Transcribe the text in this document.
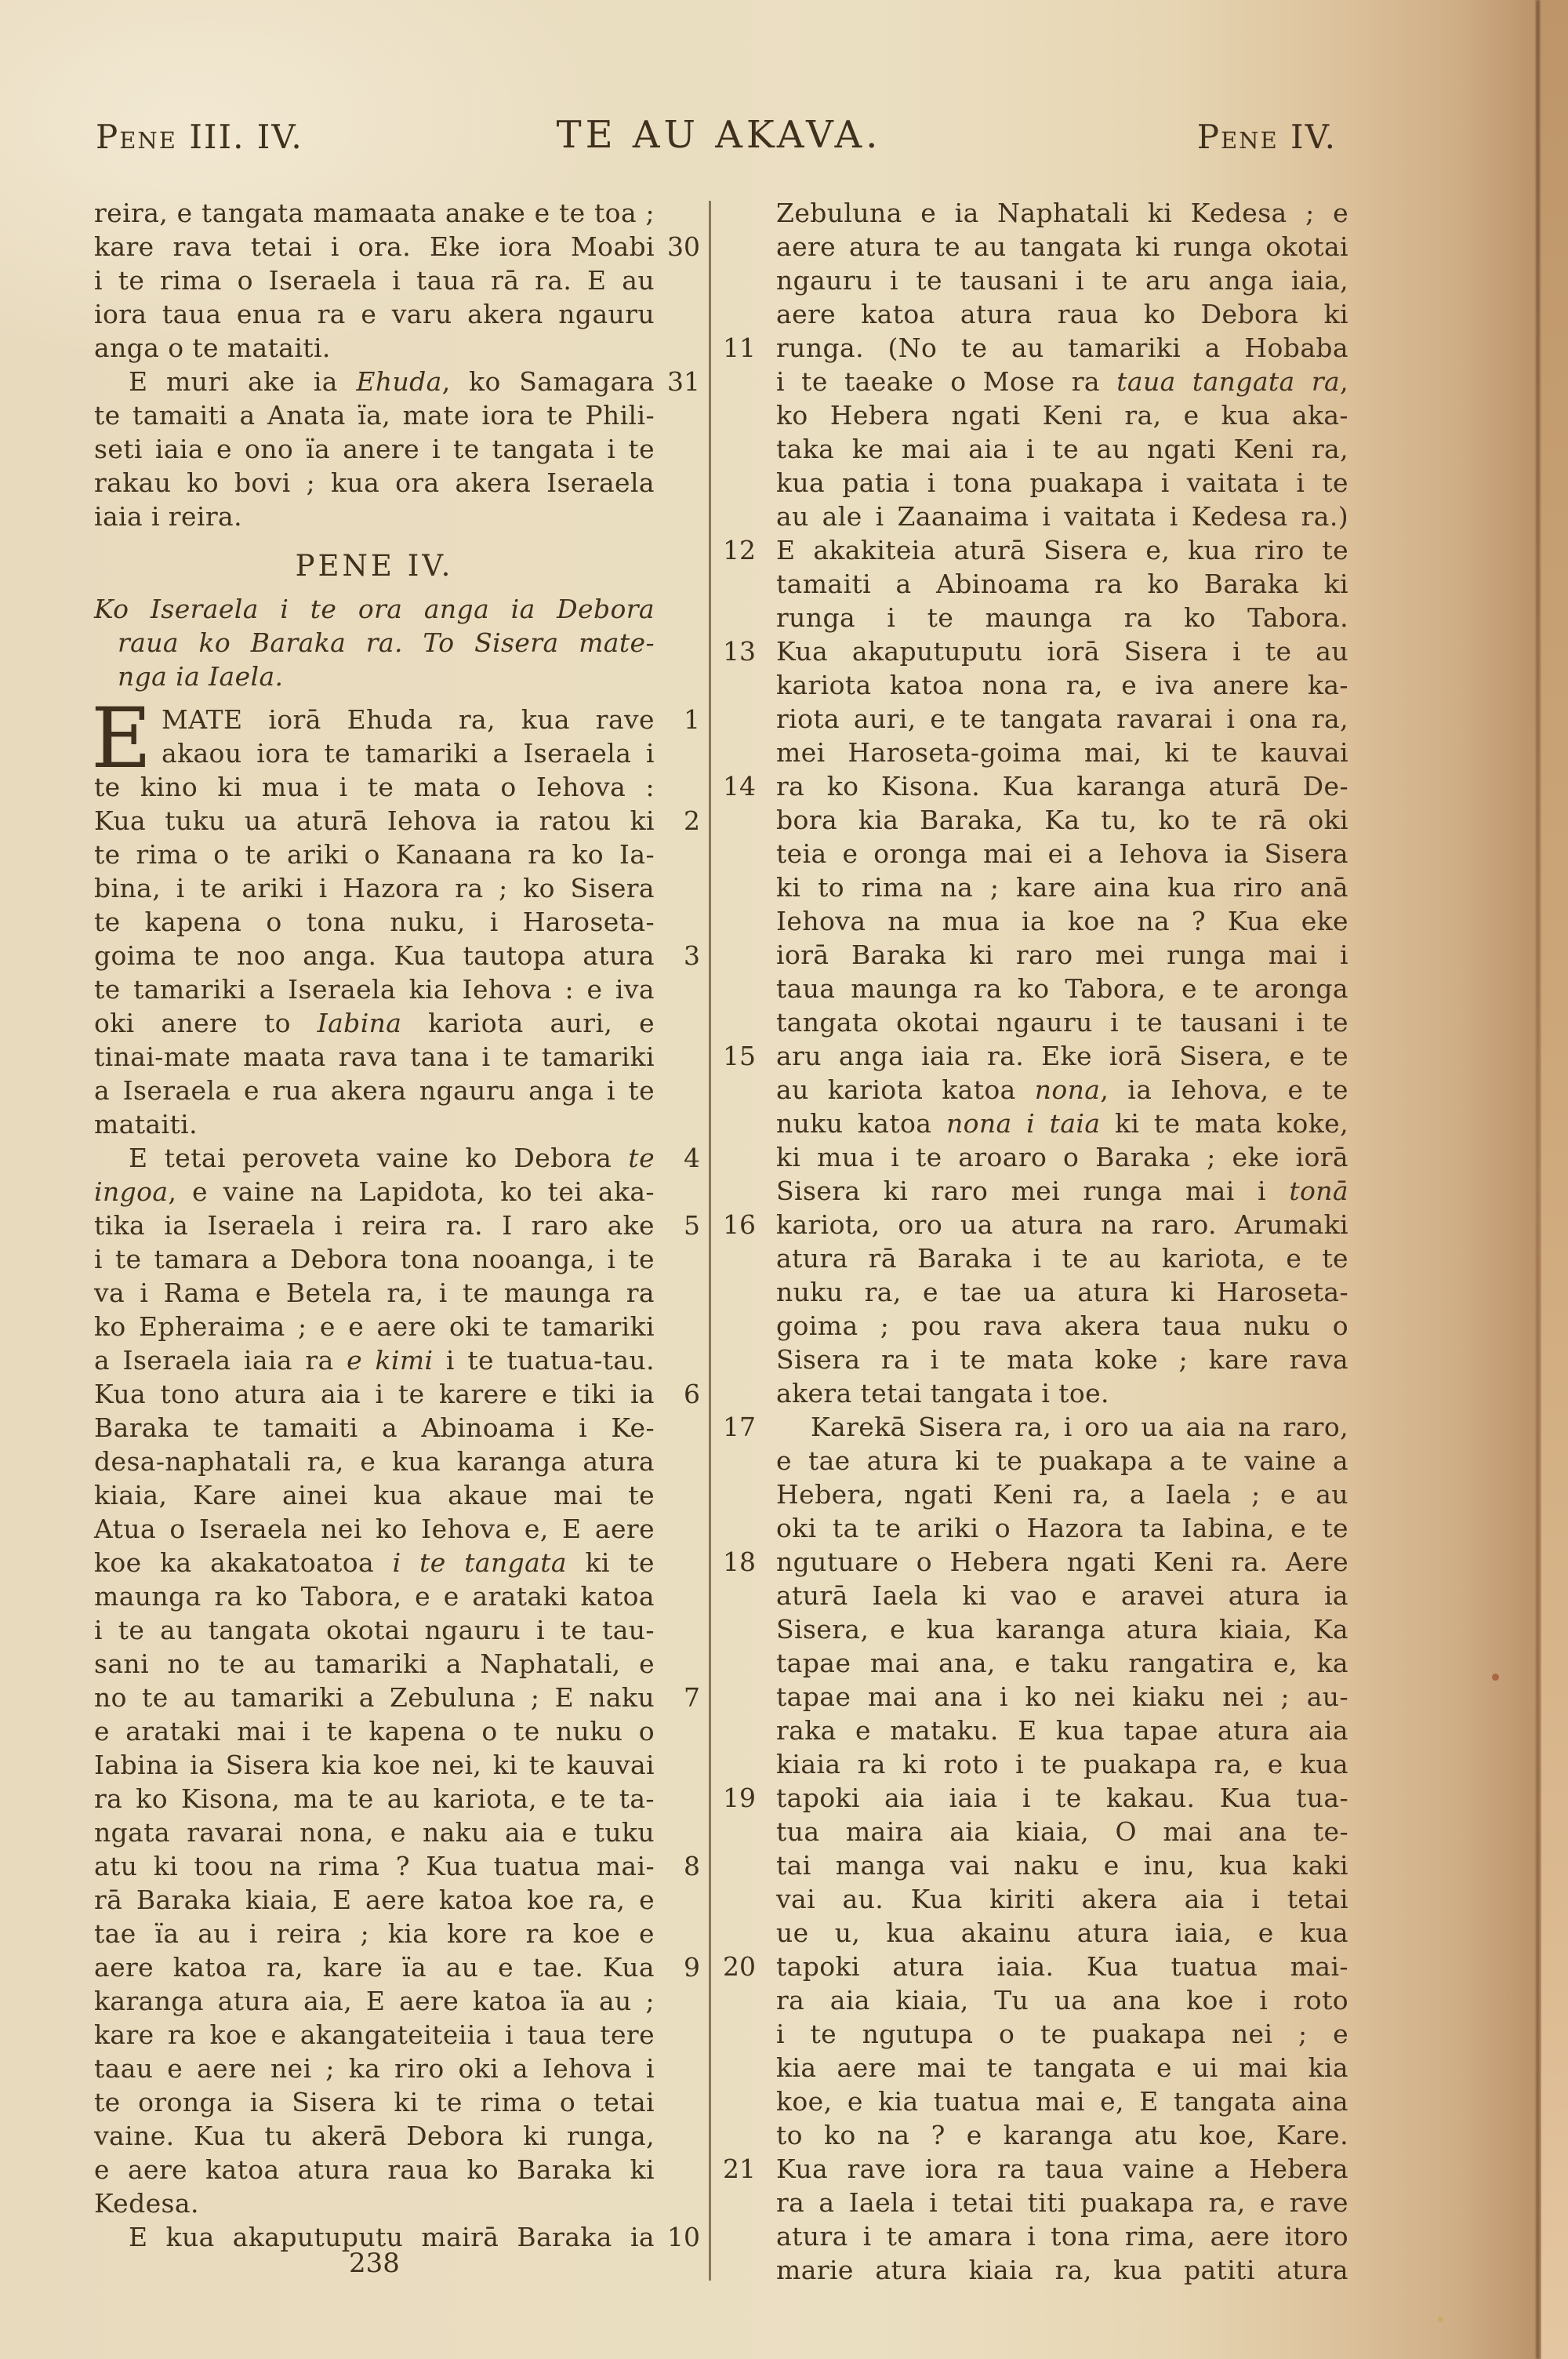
Pene III. IV.	TE AU AKAVA.	Pene IV.
reira, e tangata mamaata anake e te toa ;
kare rava tetai i ora. Eke iora Moabi 30
i te rima o Iseraela i taua rā ra. E au
iora taua enua ra e varu akera ngauru
anga o te mataiti.
E muri ake ia Ehuda, ko Samagara 31
te tamaiti a Anata ïa, mate iora te Phili-
seti iaia e ono ïa anere i te tangata i te
rakau ko bovi ; kua ora akera Iseraela
iaia i reira.
PENE IV.
Ko Iseraela i te ora anga ia Debora
raua ko Baraka ra. To Sisera mate-
nga ia Iaela.
E MATE iorā Ehuda ra, kua rave	1
akaou iora te tamariki a Iseraela i
te kino ki mua i te mata o Iehova :
Kua tuku ua aturā Iehova ia ratou ki	2
te rima o te ariki o Kanaana ra ko Ia-
bina, i te ariki i Hazora ra ; ko Sisera
te kapena o tona nuku, i Haroseta-
goima te noo anga. Kua tautopa atura	3
te tamariki a Iseraela kia Iehova : e iva
oki anere to Iabina kariota auri, e
tinai-mate maata rava tana i te tamariki
a Iseraela e rua akera ngauru anga i te
mataiti.
E tetai peroveta vaine ko Debora te	4
ingoa, e vaine na Lapidota, ko tei aka-
tika ia Iseraela i reira ra. I raro ake	5
i te tamara a Debora tona nooanga, i te
va i Rama e Betela ra, i te maunga ra
ko Epheraima ; e e aere oki te tamariki
a Iseraela iaia ra e kimi i te tuatua-tau.
Kua tono atura aia i te karere e tiki ia	6
Baraka te tamaiti a Abinoama i Ke-
desa-naphatali ra, e kua karanga atura
kiaia, Kare ainei kua akaue mai te
Atua o Iseraela nei ko Iehova e, E aere
koe ka akakatoatoa i te tangata ki te
maunga ra ko Tabora, e e arataki katoa
i te au tangata okotai ngauru i te tau-
sani no te au tamariki a Naphatali, e
no te au tamariki a Zebuluna ; E naku	7
e arataki mai i te kapena o te nuku o
Iabina ia Sisera kia koe nei, ki te kauvai
ra ko Kisona, ma te au kariota, e te ta-
ngata ravarai nona, e naku aia e tuku
atu ki toou na rima ? Kua tuatua mai-	8
rā Baraka kiaia, E aere katoa koe ra, e
tae ïa au i reira ; kia kore ra koe e
aere katoa ra, kare ïa au e tae. Kua	9
karanga atura aia, E aere katoa ïa au ;
kare ra koe e akangateiteiia i taua tere
taau e aere nei ; ka riro oki a Iehova i
te oronga ia Sisera ki te rima o tetai
vaine. Kua tu akerā Debora ki runga,
e aere katoa atura raua ko Baraka ki
Kedesa.
E kua akaputuputu mairā Baraka ia 10
Zebuluna e ia Naphatali ki Kedesa ; e
aere atura te au tangata ki runga okotai
ngauru i te tausani i te aru anga iaia,
aere katoa atura raua ko Debora ki
11 runga. (No te au tamariki a Hobaba
i te taeake o Mose ra taua tangata ra,
ko Hebera ngati Keni ra, e kua aka-
taka ke mai aia i te au ngati Keni ra,
kua patia i tona puakapa i vaitata i te
au ale i Zaanaima i vaitata i Kedesa ra.)
12 E akakiteia aturā Sisera e, kua riro te
tamaiti a Abinoama ra ko Baraka ki
runga i te maunga ra ko Tabora.
13 Kua akaputuputu iorā Sisera i te au
kariota katoa nona ra, e iva anere ka-
riota auri, e te tangata ravarai i ona ra,
mei Haroseta-goima mai, ki te kauvai
14 ra ko Kisona. Kua karanga aturā De-
bora kia Baraka, Ka tu, ko te rā oki
teia e oronga mai ei a Iehova ia Sisera
ki to rima na ; kare aina kua riro anā
Iehova na mua ia koe na ? Kua eke
iorā Baraka ki raro mei runga mai i
taua maunga ra ko Tabora, e te aronga
tangata okotai ngauru i te tausani i te
15 aru anga iaia ra. Eke iorā Sisera, e te
au kariota katoa nona, ia Iehova, e te
nuku katoa nona i taia ki te mata koke,
ki mua i te aroaro o Baraka ; eke iorā
Sisera ki raro mei runga mai i tonā
16 kariota, oro ua atura na raro. Arumaki
atura rā Baraka i te au kariota, e te
nuku ra, e tae ua atura ki Haroseta-
goima ; pou rava akera taua nuku o
Sisera ra i te mata koke ; kare rava
akera tetai tangata i toe.
17	Karekā Sisera ra, i oro ua aia na raro,
e tae atura ki te puakapa a te vaine a
Hebera, ngati Keni ra, a Iaela ; e au
oki ta te ariki o Hazora ta Iabina, e te
18 ngutuare o Hebera ngati Keni ra. Aere
aturā Iaela ki vao e aravei atura ia
Sisera, e kua karanga atura kiaia, Ka
tapae mai ana, e taku rangatira e, ka
tapae mai ana i ko nei kiaku nei ; au-
raka e mataku. E kua tapae atura aia
kiaia ra ki roto i te puakapa ra, e kua
19 tapoki aia iaia i te kakau. Kua tua-
tua maira aia kiaia, O mai ana te-
tai manga vai naku e inu, kua kaki
vai au. Kua kiriti akera aia i tetai
ue u, kua akainu atura iaia, e kua
20 tapoki atura iaia. Kua tuatua mai-
ra aia kiaia, Tu ua ana koe i roto
i te ngutupa o te puakapa nei ; e
kia aere mai te tangata e ui mai kia
koe, e kia tuatua mai e, E tangata aina
to ko na ? e karanga atu koe, Kare.
21 Kua rave iora ra taua vaine a Hebera
ra a Iaela i tetai titi puakapa ra, e rave
atura i te amara i tona rima, aere itoro
marie atura kiaia ra, kua patiti atura
238
